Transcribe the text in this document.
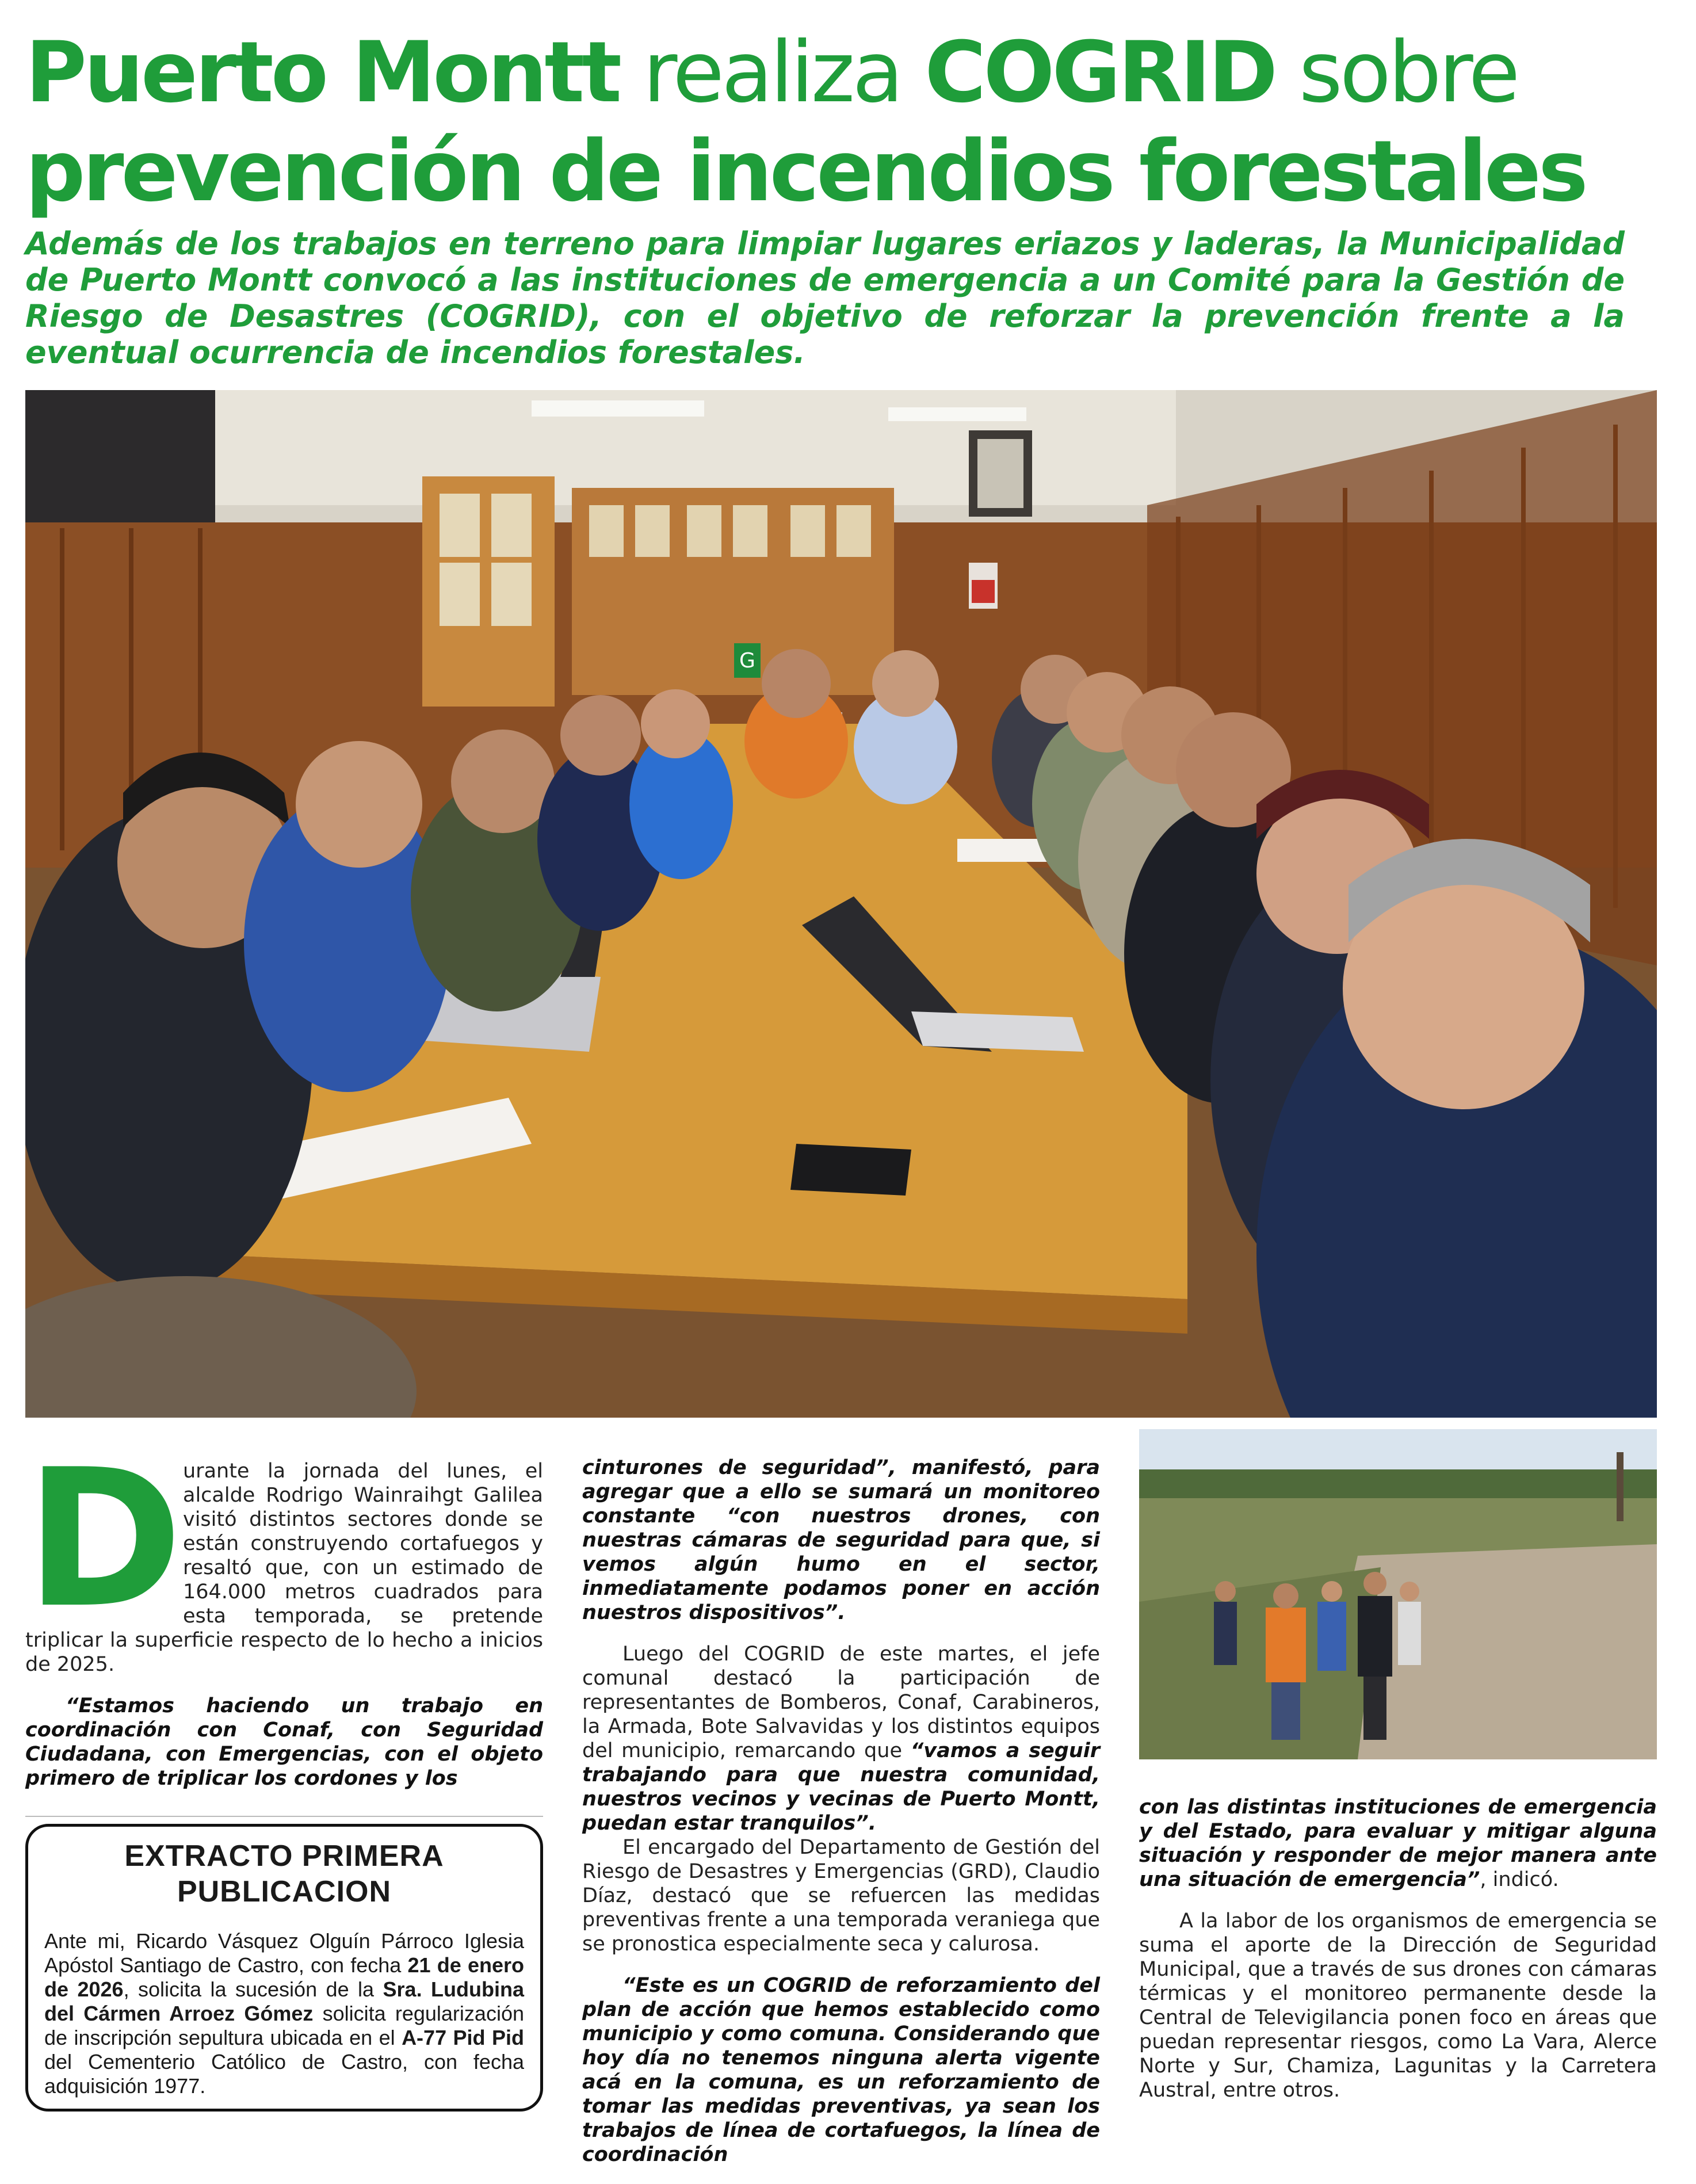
Puerto Montt realiza COGRID sobre
prevención de incendios forestales

Además de los trabajos en terreno para limpiar lugares eriazos y laderas, la Municipalidad de Puerto Montt convocó a las instituciones de emergencia a un Comité para la Gestión de Riesgo de Desastres (COGRID), con el objetivo de reforzar la prevención frente a la eventual ocurrencia de incendios forestales.

G

D urante la jornada del lunes, el alcalde Rodrigo Wainraihgt Galilea visitó distintos sectores donde se están construyendo cortafuegos y resaltó que, con un estimado de 164.000 metros cuadrados para esta temporada, se pretende triplicar la superficie respecto de lo hecho a inicios de 2025.

“Estamos haciendo un trabajo en coordinación con Conaf, con Seguridad Ciudadana, con Emergencias, con el objeto primero de triplicar los cordones y los

EXTRACTO PRIMERA
PUBLICACION

Ante mi, Ricardo Vásquez Olguín Párroco Iglesia Apóstol Santiago de Castro, con fecha 21 de enero de 2026, solicita la sucesión de la Sra. Ludubina del Cármen Arroez Gómez solicita regularización de inscripción sepultura ubicada en el A-77 Pid Pid del Cementerio Católico de Castro, con fecha adquisición 1977.

cinturones de seguridad”, manifestó, para agregar que a ello se sumará un monitoreo constante “con nuestros drones, con nuestras cámaras de seguridad para que, si vemos algún humo en el sector, inmediatamente podamos poner en acción nuestros dispositivos”.

Luego del COGRID de este martes, el jefe comunal destacó la participación de representantes de Bomberos, Conaf, Carabineros, la Armada, Bote Salvavidas y los distintos equipos del municipio, remarcando que “vamos a seguir trabajando para que nuestra comunidad, nuestros vecinos y vecinas de Puerto Montt, puedan estar tranquilos”.

El encargado del Departamento de Gestión del Riesgo de Desastres y Emergencias (GRD), Claudio Díaz, destacó que se refuercen las medidas preventivas frente a una temporada veraniega que se pronostica especialmente seca y calurosa.

“Este es un COGRID de reforzamiento del plan de acción que hemos establecido como municipio y como comuna. Considerando que hoy día no tenemos ninguna alerta vigente acá en la comuna, es un reforzamiento de tomar las medidas preventivas, ya sean los trabajos de línea de cortafuegos, la línea de coordinación

con las distintas instituciones de emergencia y del Estado, para evaluar y mitigar alguna situación y responder de mejor manera ante una situación de emergencia”, indicó.

A la labor de los organismos de emergencia se suma el aporte de la Dirección de Seguridad Municipal, que a través de sus drones con cámaras térmicas y el monitoreo permanente desde la Central de Televigilancia ponen foco en áreas que puedan representar riesgos, como La Vara, Alerce Norte y Sur, Chamiza, Lagunitas y la Carretera Austral, entre otros.
